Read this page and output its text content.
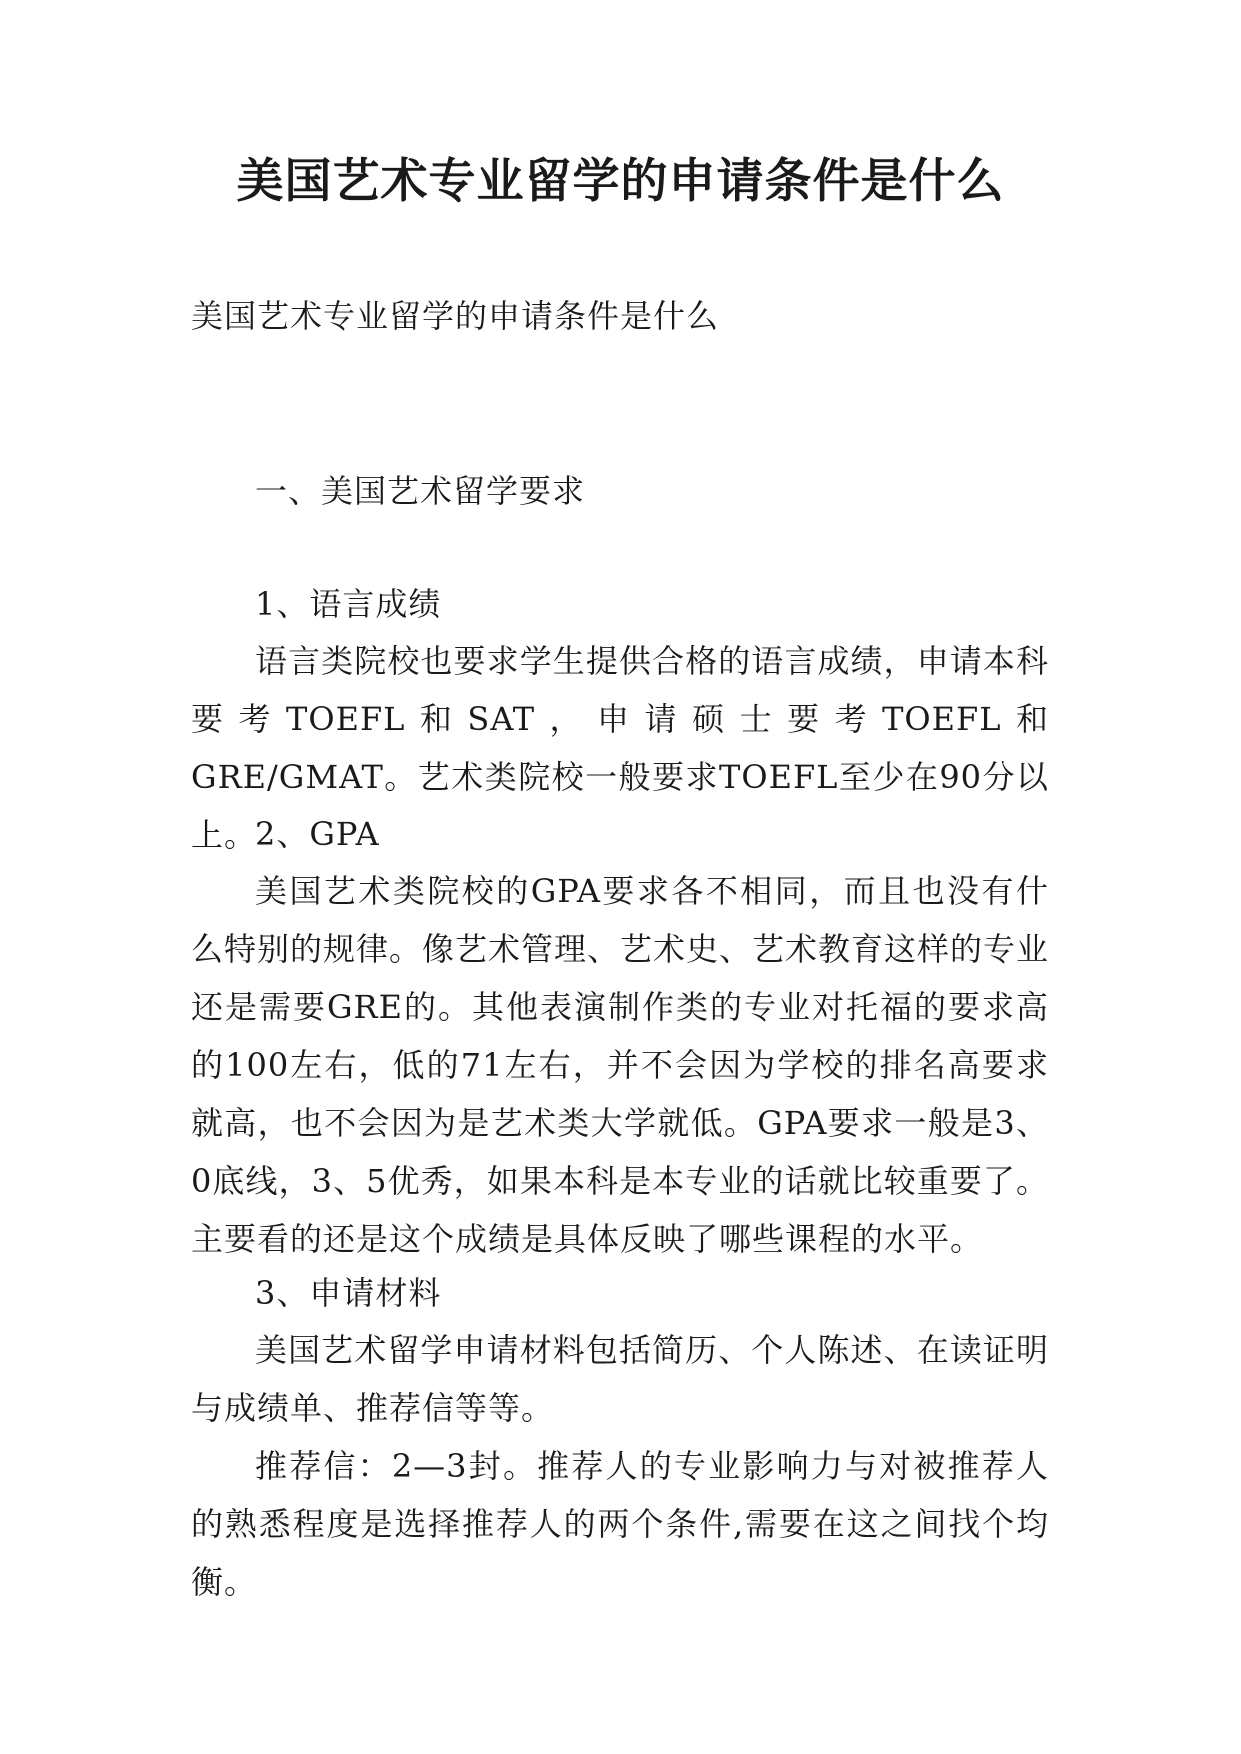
美国艺术专业留学的申请条件是什么

美国艺术专业留学的申请条件是什么

一、美国艺术留学要求

1、语言成绩

语言类院校也要求学生提供合格的语言成绩，申请本科要考TOEFL和SAT，申请硕士要考TOEFL和GRE/GMAT。艺术类院校一般要求TOEFL至少在90分以上。

2、GPA

美国艺术类院校的GPA要求各不相同，而且也没有什么特别的规律。像艺术管理、艺术史、艺术教育这样的专业还是需要GRE的。其他表演制作类的专业对托福的要求高的100左右，低的71左右，并不会因为学校的排名高要求就高，也不会因为是艺术类大学就低。GPA要求一般是3、0底线，3、5优秀，如果本科是本专业的话就比较重要了。主要看的还是这个成绩是具体反映了哪些课程的水平。

3、申请材料

美国艺术留学申请材料包括简历、个人陈述、在读证明与成绩单、推荐信等等。

推荐信：2—3封。推荐人的专业影响力与对被推荐人的熟悉程度是选择推荐人的两个条件,需要在这之间找个均衡。
